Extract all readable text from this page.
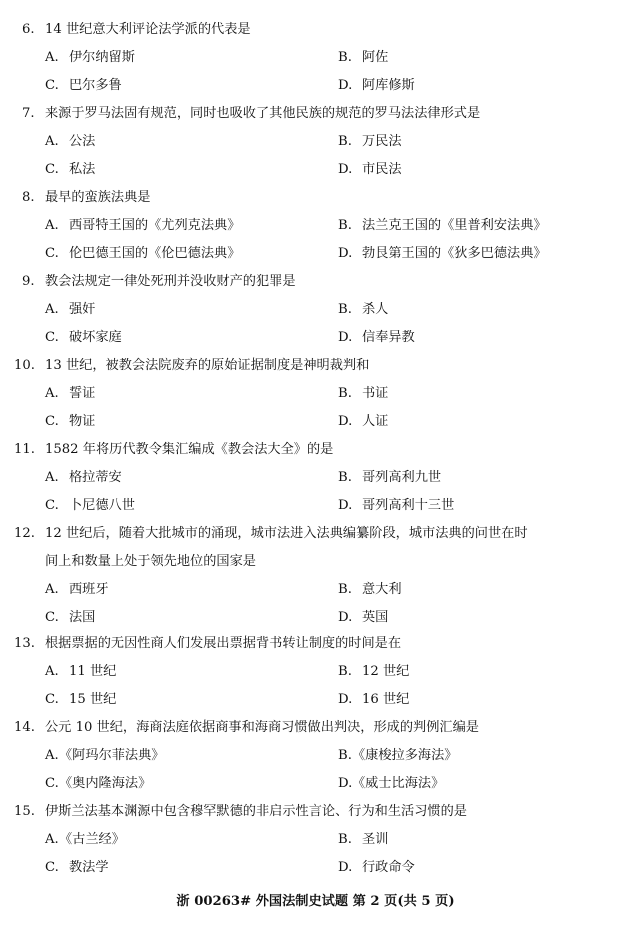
6. 14 世纪意大利评论法学派的代表是
A. 伊尔纳留斯	B. 阿佐
C. 巴尔多鲁	D. 阿库修斯
7. 来源于罗马法固有规范，同时也吸收了其他民族的规范的罗马法法律形式是
A. 公法	B. 万民法
C. 私法	D. 市民法
8. 最早的蛮族法典是
A. 西哥特王国的《尤列克法典》	B. 法兰克王国的《里普利安法典》
C. 伦巴德王国的《伦巴德法典》	D. 勃艮第王国的《狄多巴德法典》
9. 教会法规定一律处死刑并没收财产的犯罪是
A. 强奸	B. 杀人
C. 破坏家庭	D. 信奉异教
10. 13 世纪，被教会法院废弃的原始证据制度是神明裁判和
A. 誓证	B. 书证
C. 物证	D. 人证
11. 1582 年将历代教令集汇编成《教会法大全》的是
A. 格拉蒂安	B. 哥列高利九世
C. 卜尼德八世	D. 哥列高利十三世
12. 12 世纪后，随着大批城市的涌现，城市法进入法典编纂阶段，城市法典的问世在时
间上和数量上处于领先地位的国家是
A. 西班牙	B. 意大利
C. 法国	D. 英国
13. 根据票据的无因性商人们发展出票据背书转让制度的时间是在
A. 11 世纪	B. 12 世纪
C. 15 世纪	D. 16 世纪
14. 公元 10 世纪，海商法庭依据商事和海商习惯做出判决，形成的判例汇编是
A.《阿玛尔菲法典》	B.《康梭拉多海法》
C.《奥内隆海法》	D.《威士比海法》
15. 伊斯兰法基本渊源中包含穆罕默德的非启示性言论、行为和生活习惯的是
A.《古兰经》	B. 圣训
C. 教法学	D. 行政命令
浙 00263# 外国法制史试题 第 2 页(共 5 页)
